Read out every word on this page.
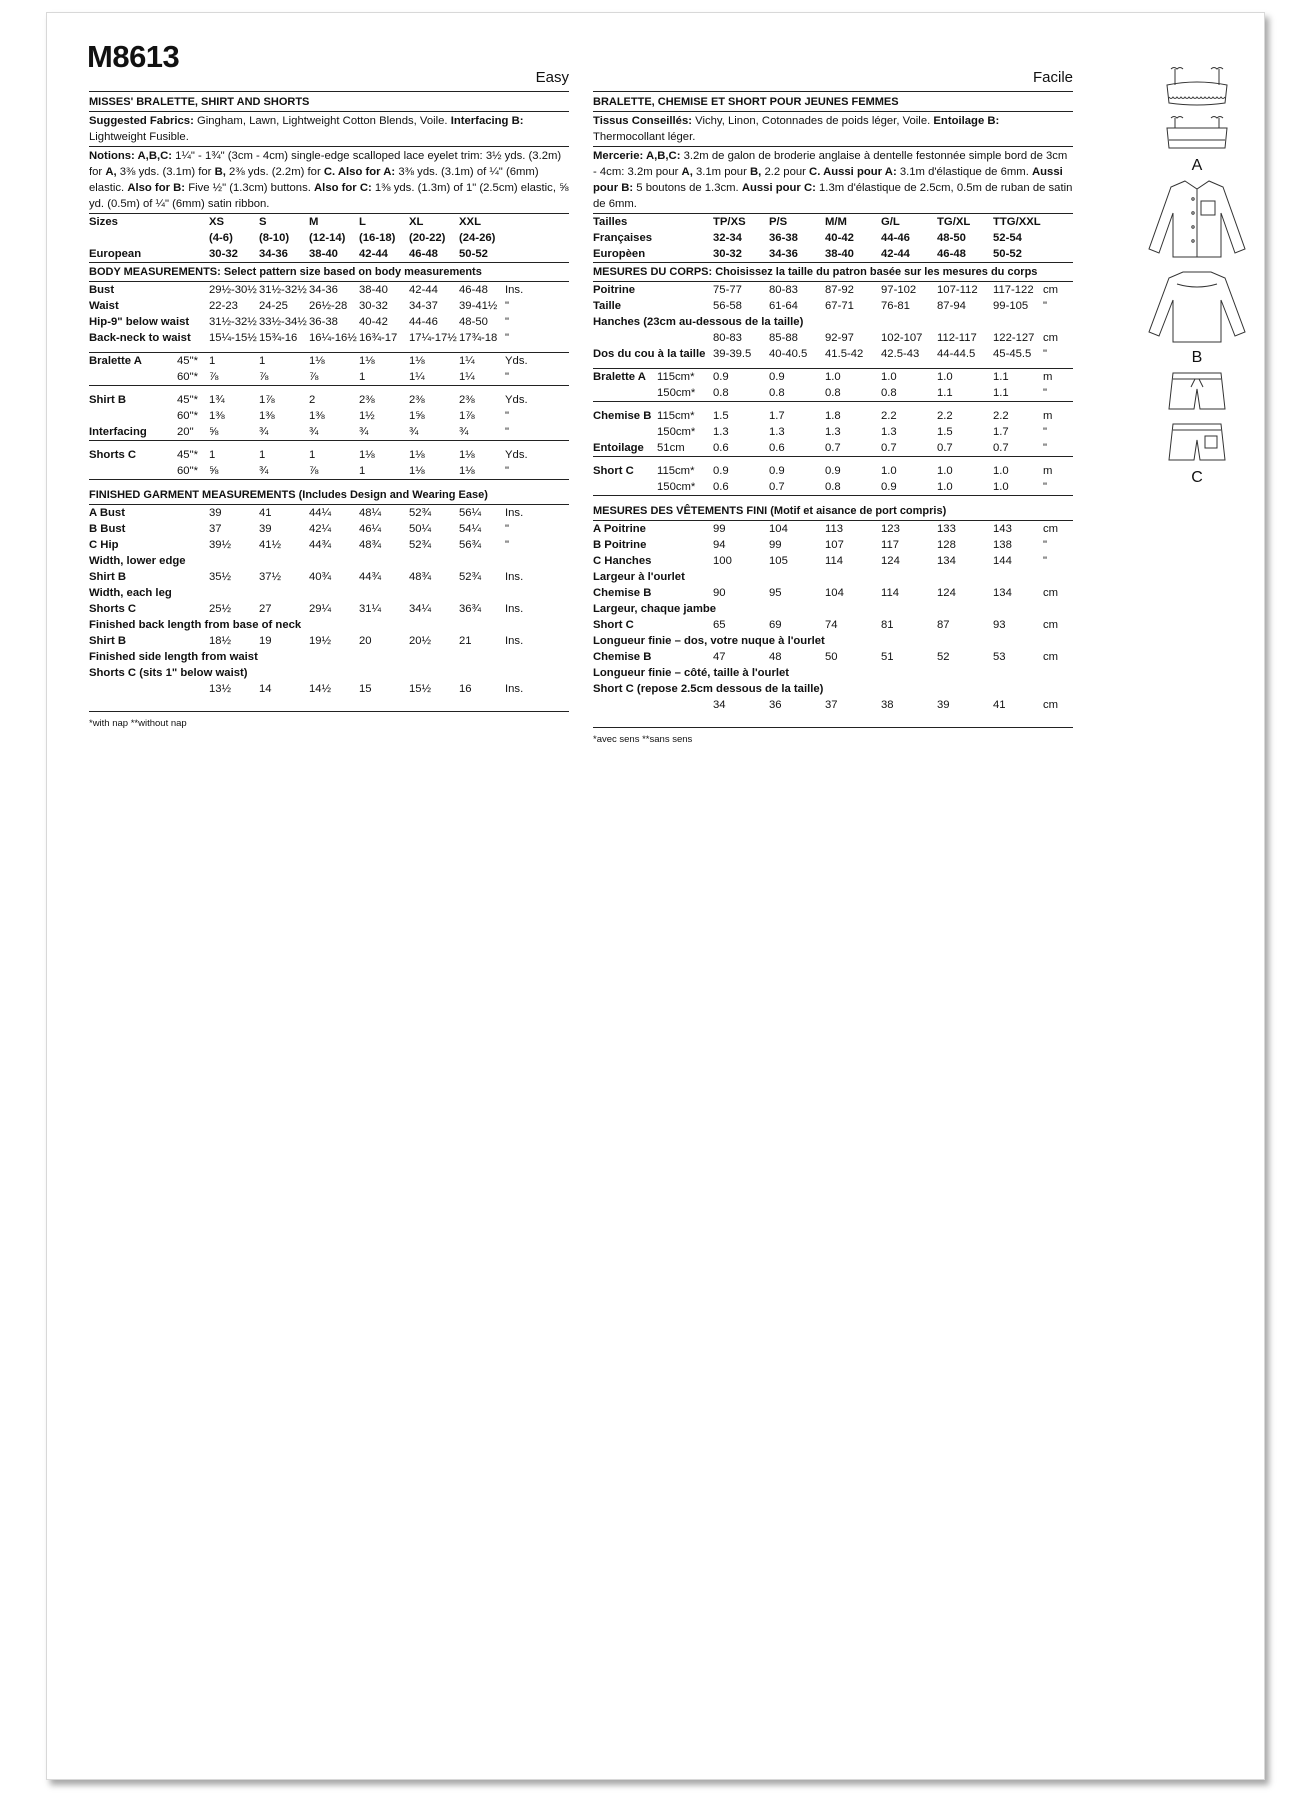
M8613
Easy
MISSES' BRALETTE, SHIRT AND SHORTS
Suggested Fabrics: Gingham, Lawn, Lightweight Cotton Blends, Voile. Interfacing B: Lightweight Fusible.
Notions: A,B,C: 1¼" - 1¾" (3cm - 4cm) single-edge scalloped lace eyelet trim: 3½ yds. (3.2m) for A, 3⅜ yds. (3.1m) for B, 2⅜ yds. (2.2m) for C. Also for A: 3⅜ yds. (3.1m) of ¼" (6mm) elastic. Also for B: Five ½" (1.3cm) buttons. Also for C: 1⅜ yds. (1.3m) of 1" (2.5cm) elastic, ⅝ yd. (0.5m) of ¼" (6mm) satin ribbon.
Sizes		XS	S	M	L	XL	XXL	
		(4-6)	(8-10)	(12-14)	(16-18)	(20-22)	(24-26)	
European		30-32	34-36	38-40	42-44	46-48	50-52	
BODY MEASUREMENTS: Select pattern size based on body measurements								
Bust		29½-30½	31½-32½	34-36	38-40	42-44	46-48	Ins.
Waist		22-23	24-25	26½-28	30-32	34-37	39-41½	"
Hip-9" below waist		31½-32½	33½-34½	36-38	40-42	44-46	48-50	"
Back-neck to waist		15¼-15½	15¾-16	16¼-16½	16¾-17	17¼-17½	17¾-18	"

Bralette A	45"*	1	1	1⅛	1⅛	1⅛	1¼	Yds.
	60"*	⅞	⅞	⅞	1	1¼	1¼	"

Shirt B	45"*	1¾	1⅞	2	2⅜	2⅜	2⅜	Yds.
	60"*	1⅜	1⅜	1⅜	1½	1⅝	1⅞	"
Interfacing	20"	⅝	¾	¾	¾	¾	¾	"

Shorts C	45"*	1	1	1	1⅛	1⅛	1⅛	Yds.
	60"*	⅝	¾	⅞	1	1⅛	1⅛	"

FINISHED GARMENT MEASUREMENTS (Includes Design and Wearing Ease)								
A Bust		39	41	44¼	48¼	52¾	56¼	Ins.
B Bust		37	39	42¼	46¼	50¼	54¼	"
C Hip		39½	41½	44¾	48¾	52¾	56¾	"
Width, lower edge								
Shirt B		35½	37½	40¾	44¾	48¾	52¾	Ins.
Width, each leg								
Shorts C		25½	27	29¼	31¼	34¼	36¾	Ins.
Finished back length from base of neck								
Shirt B		18½	19	19½	20	20½	21	Ins.
Finished side length from waist								
Shorts C (sits 1" below waist)								
		13½	14	14½	15	15½	16	Ins.
*with nap **without nap
Facile
BRALETTE, CHEMISE ET SHORT POUR JEUNES FEMMES
Tissus Conseillés: Vichy, Linon, Cotonnades de poids léger, Voile. Entoilage B: Thermocollant léger.
Mercerie: A,B,C: 3.2m de galon de broderie anglaise à dentelle festonnée simple bord de 3cm - 4cm: 3.2m pour A, 3.1m pour B, 2.2 pour C. Aussi pour A: 3.1m d'élastique de 6mm. Aussi pour B: 5 boutons de 1.3cm. Aussi pour C: 1.3m d'élastique de 2.5cm, 0.5m de ruban de satin de 6mm.
Tailles		TP/XS	P/S	M/M	G/L	TG/XL	TTG/XXL	
Françaises		32-34	36-38	40-42	44-46	48-50	52-54	
Europèen		30-32	34-36	38-40	42-44	46-48	50-52	
MESURES DU CORPS: Choisissez la taille du patron basée sur les mesures du corps								
Poitrine		75-77	80-83	87-92	97-102	107-112	117-122	cm
Taille		56-58	61-64	67-71	76-81	87-94	99-105	"
Hanches (23cm au-dessous de la taille)								
		80-83	85-88	92-97	102-107	112-117	122-127	cm
Dos du cou à la taille		39-39.5	40-40.5	41.5-42	42.5-43	44-44.5	45-45.5	"

Bralette A	115cm*	0.9	0.9	1.0	1.0	1.0	1.1	m
	150cm*	0.8	0.8	0.8	0.8	1.1	1.1	"

Chemise B	115cm*	1.5	1.7	1.8	2.2	2.2	2.2	m
	150cm*	1.3	1.3	1.3	1.3	1.5	1.7	"
Entoilage	51cm	0.6	0.6	0.7	0.7	0.7	0.7	"

Short C	115cm*	0.9	0.9	0.9	1.0	1.0	1.0	m
	150cm*	0.6	0.7	0.8	0.9	1.0	1.0	"

MESURES DES VÊTEMENTS FINI (Motif et aisance de port compris)								
A Poitrine		99	104	113	123	133	143	cm
B Poitrine		94	99	107	117	128	138	"
C Hanches		100	105	114	124	134	144	"
Largeur à l'ourlet								
Chemise B		90	95	104	114	124	134	cm
Largeur, chaque jambe								
Short C		65	69	74	81	87	93	cm
Longueur finie – dos, votre nuque à l'ourlet								
Chemise B		47	48	50	51	52	53	cm
Longueur finie – côté, taille à l'ourlet								
Short C (repose 2.5cm dessous de la taille)								
		34	36	37	38	39	41	cm
*avec sens **sans sens

A

B

C
